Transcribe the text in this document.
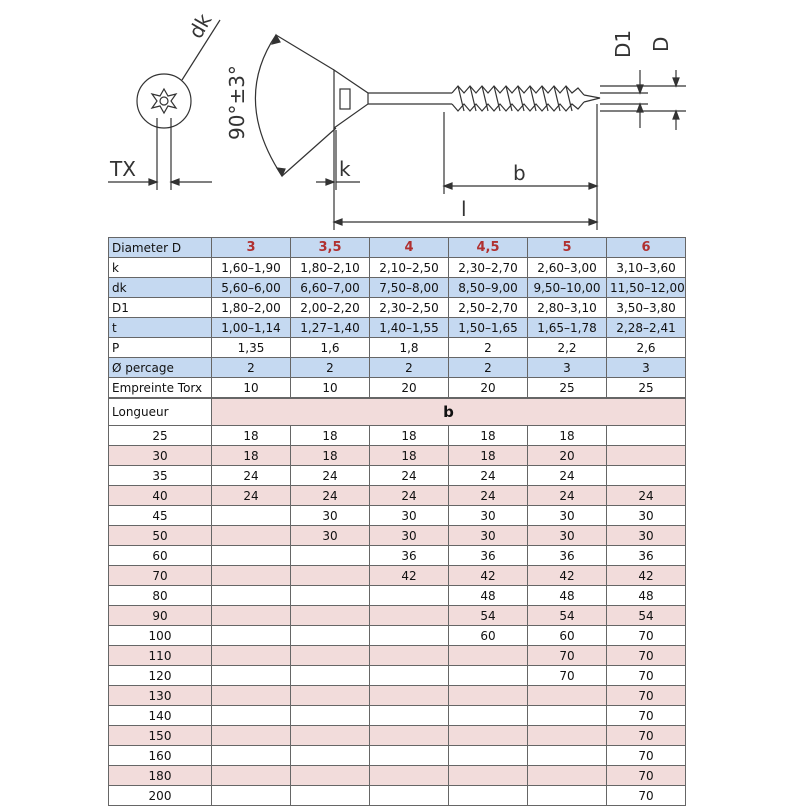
dk
TX
90°±3°
k	b
l
D1 D
Diameter D	3	3,5	4	4,5	5	6
k	1,60–1,90	1,80–2,10	2,10–2,50	2,30–2,70	2,60–3,00	3,10–3,60
dk	5,60–6,00	6,60–7,00	7,50–8,00	8,50–9,00	9,50–10,00	11,50–12,00
D1	1,80–2,00	2,00–2,20	2,30–2,50	2,50–2,70	2,80–3,10	3,50–3,80
t	1,00–1,14	1,27–1,40	1,40–1,55	1,50–1,65	1,65–1,78	2,28–2,41
P	1,35	1,6	1,8	2	2,2	2,6
Ø percage	2	2	2	2	3	3
Empreinte Torx	10	10	20	20	25	25
Longueur	b					
25	18	18	18	18	18	
30	18	18	18	18	20	
35	24	24	24	24	24	
40	24	24	24	24	24	24
45		30	30	30	30	30
50		30	30	30	30	30
60			36	36	36	36
70			42	42	42	42
80				48	48	48
90				54	54	54
100				60	60	70
110					70	70
120					70	70
130						70
140						70
150						70
160						70
180						70
200						70
